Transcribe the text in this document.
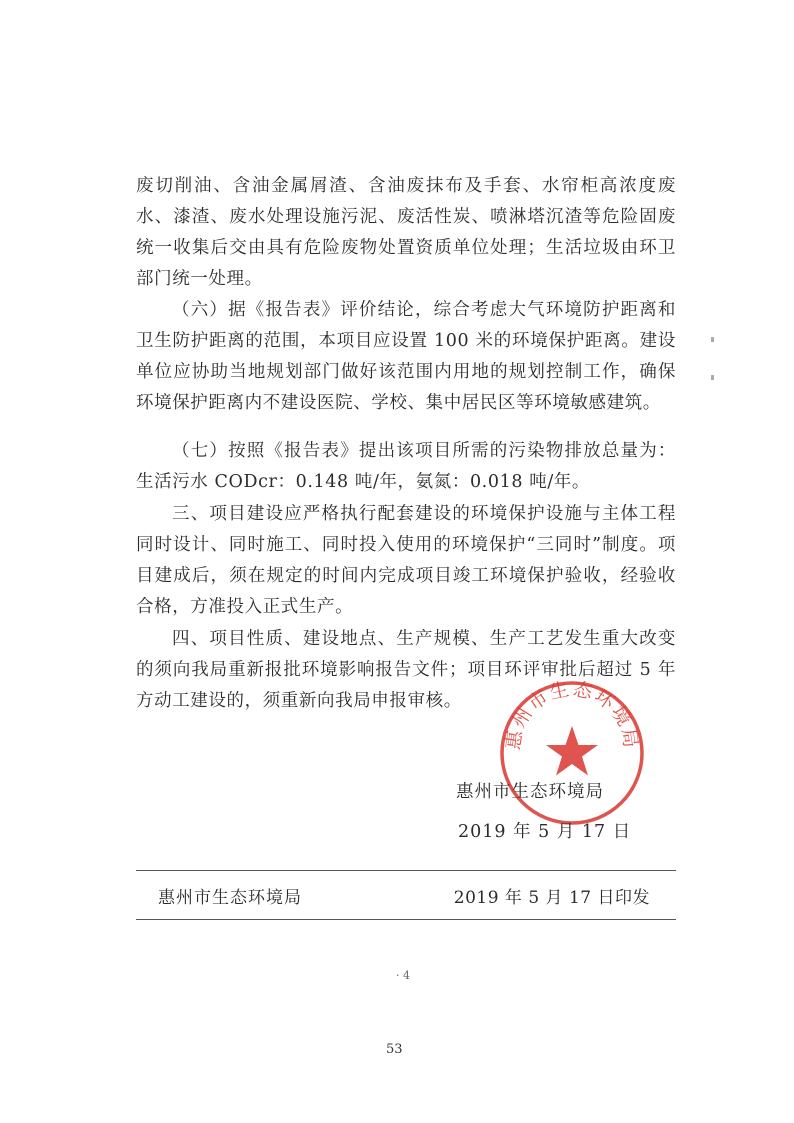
废切削油、含油金属屑渣、含油废抹布及手套、水帘柜高浓度废水、漆渣、废水处理设施污泥、废活性炭、喷淋塔沉渣等危险固废统一收集后交由具有危险废物处置资质单位处理；生活垃圾由环卫部门统一处理。

（六）据《报告表》评价结论，综合考虑大气环境防护距离和卫生防护距离的范围，本项目应设置 100 米的环境保护距离。建设单位应协助当地规划部门做好该范围内用地的规划控制工作，确保环境保护距离内不建设医院、学校、集中居民区等环境敏感建筑。

（七）按照《报告表》提出该项目所需的污染物排放总量为：生活污水 CODcr：0.148 吨/年，氨氮：0.018 吨/年。

三、项目建设应严格执行配套建设的环境保护设施与主体工程同时设计、同时施工、同时投入使用的环境保护“三同时”制度。项目建成后，须在规定的时间内完成项目竣工环境保护验收，经验收合格，方准投入正式生产。

四、项目性质、建设地点、生产规模、生产工艺发生重大改变的须向我局重新报批环境影响报告文件；项目环评审批后超过 5 年方动工建设的，须重新向我局申报审核。

惠州市生态环境局
惠州市生态环境局
2019 年 5 月 17 日
惠州市生态环境局	2019 年 5 月 17 日印发
· 4
53
